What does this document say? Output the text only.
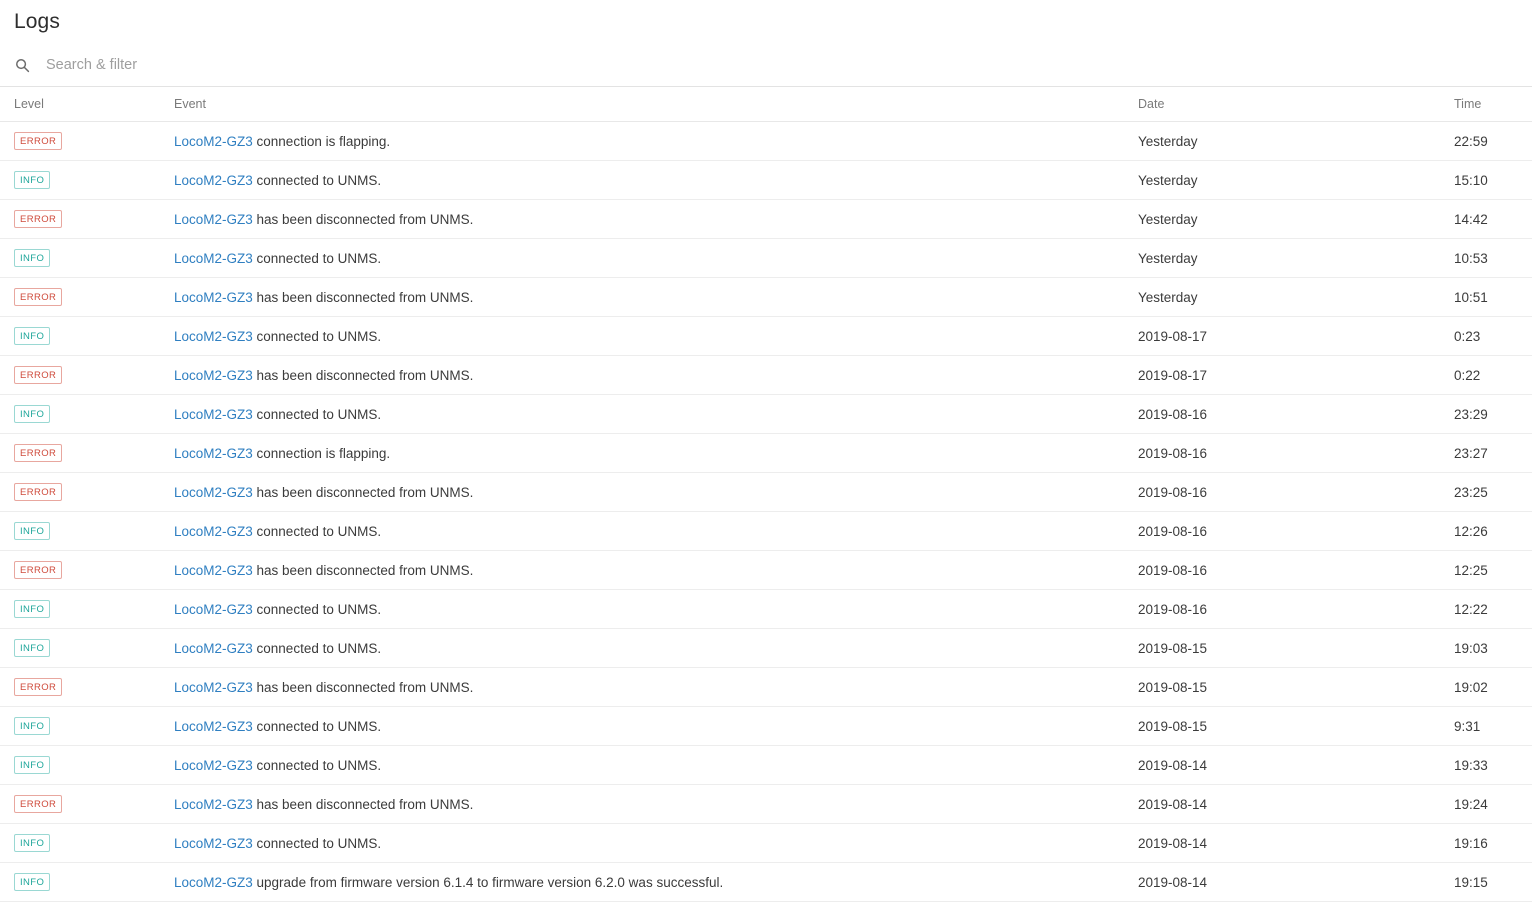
Logs
Search & filter
Level	Event	Date	Time
ERROR	LocoM2-GZ3 connection is flapping.	Yesterday	22:59
INFO	LocoM2-GZ3 connected to UNMS.	Yesterday	15:10
ERROR	LocoM2-GZ3 has been disconnected from UNMS.	Yesterday	14:42
INFO	LocoM2-GZ3 connected to UNMS.	Yesterday	10:53
ERROR	LocoM2-GZ3 has been disconnected from UNMS.	Yesterday	10:51
INFO	LocoM2-GZ3 connected to UNMS.	2019-08-17	0:23
ERROR	LocoM2-GZ3 has been disconnected from UNMS.	2019-08-17	0:22
INFO	LocoM2-GZ3 connected to UNMS.	2019-08-16	23:29
ERROR	LocoM2-GZ3 connection is flapping.	2019-08-16	23:27
ERROR	LocoM2-GZ3 has been disconnected from UNMS.	2019-08-16	23:25
INFO	LocoM2-GZ3 connected to UNMS.	2019-08-16	12:26
ERROR	LocoM2-GZ3 has been disconnected from UNMS.	2019-08-16	12:25
INFO	LocoM2-GZ3 connected to UNMS.	2019-08-16	12:22
INFO	LocoM2-GZ3 connected to UNMS.	2019-08-15	19:03
ERROR	LocoM2-GZ3 has been disconnected from UNMS.	2019-08-15	19:02
INFO	LocoM2-GZ3 connected to UNMS.	2019-08-15	9:31
INFO	LocoM2-GZ3 connected to UNMS.	2019-08-14	19:33
ERROR	LocoM2-GZ3 has been disconnected from UNMS.	2019-08-14	19:24
INFO	LocoM2-GZ3 connected to UNMS.	2019-08-14	19:16
INFO	LocoM2-GZ3 upgrade from firmware version 6.1.4 to firmware version 6.2.0 was successful.	2019-08-14	19:15
